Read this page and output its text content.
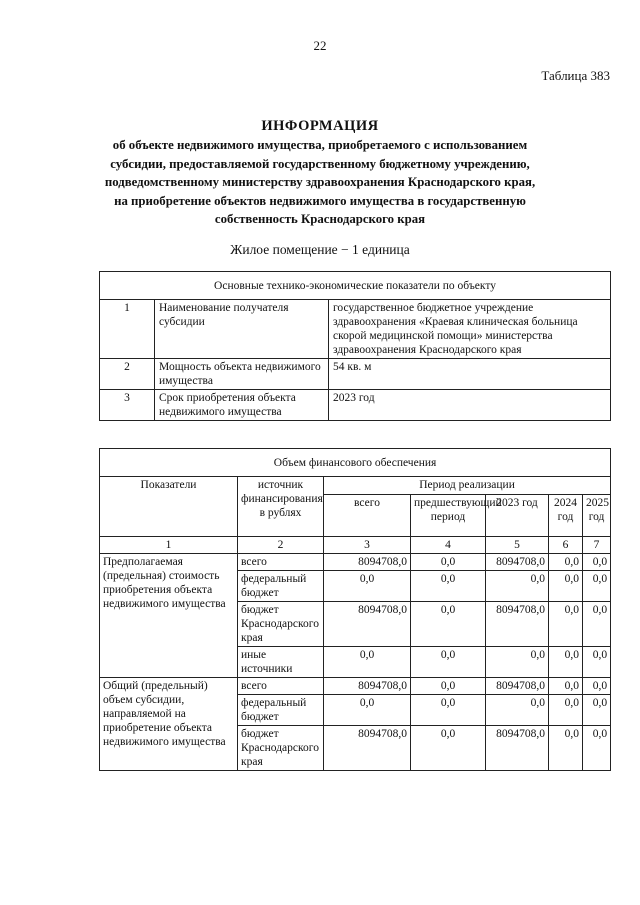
22
Таблица 383
ИНФОРМАЦИЯ
об объекте недвижимого имущества, приобретаемого с использованием
субсидии, предоставляемой государственному бюджетному учреждению,
подведомственному министерству здравоохранения Краснодарского края,
на приобретение объектов недвижимого имущества в государственную
собственность Краснодарского края
Жилое помещение − 1 единица
Основные технико-экономические показатели по объекту		
1	Наименование получателя субсидии	государственное бюджетное учреждение здравоохранения «Краевая клиническая больница скорой медицинской помощи» министерства здравоохранения Краснодарского края
2	Мощность объекта недвижимого имущества	54 кв. м
3	Срок приобретения объекта недвижимого имущества	2023 год
Объем финансового обеспечения						
Показатели	источник финансирования в рублях	Период реализации				
		всего	предшествующий период	2023 год	2024 год	2025 год
1	2	3	4	5	6	7
Предполагаемая (предельная) стоимость приобретения объекта недвижимого имущества	всего	8094708,0	0,0	8094708,0	0,0	0,0
	федеральный бюджет	0,0	0,0	0,0	0,0	0,0
	бюджет Краснодарского края	8094708,0	0,0	8094708,0	0,0	0,0
	иные источники	0,0	0,0	0,0	0,0	0,0
Общий (предельный) объем субсидии, направляемой на приобретение объекта недвижимого имущества	всего	8094708,0	0,0	8094708,0	0,0	0,0
	федеральный бюджет	0,0	0,0	0,0	0,0	0,0
	бюджет Краснодарского края	8094708,0	0,0	8094708,0	0,0	0,0
